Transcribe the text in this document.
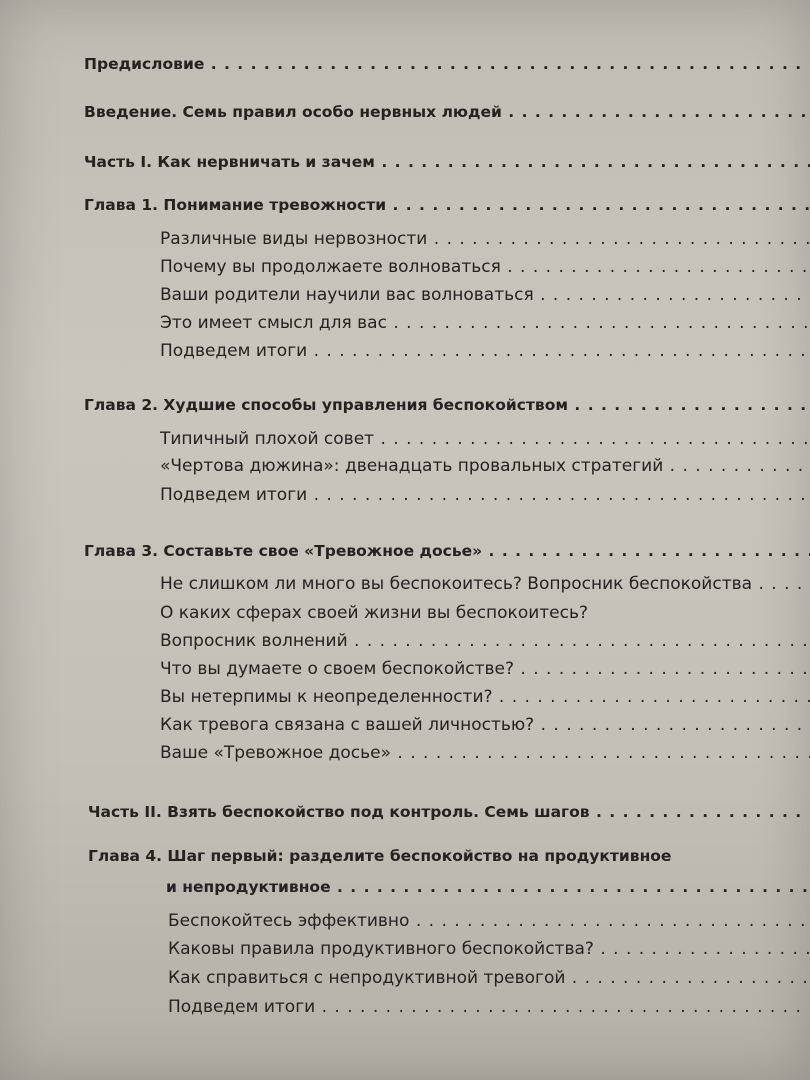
Предисловие . . .
Введение. Семь правил особо нервных людей . . .
Часть I. Как нервничать и зачем . . .
Глава 1. Понимание тревожности . . .
Различные виды нервозности . . .
Почему вы продолжаете волноваться . . .
Ваши родители научили вас волноваться . . .
Это имеет смысл для вас . . .
Подведем итоги . . .
Глава 2. Худшие способы управления беспокойством . . .
Типичный плохой совет . . .
«Чертова дюжина»: двенадцать провальных стратегий . . .
Подведем итоги . . .
Глава 3. Составьте свое «Тревожное досье» . . .
Не слишком ли много вы беспокоитесь? Вопросник беспокойства . . .
О каких сферах своей жизни вы беспокоитесь?
Вопросник волнений . . .
Что вы думаете о своем беспокойстве? . . .
Вы нетерпимы к неопределенности? . . .
Как тревога связана с вашей личностью? . . .
Ваше «Тревожное досье» . . .
Часть II. Взять беспокойство под контроль. Семь шагов . . .
Глава 4. Шаг первый: разделите беспокойство на продуктивное
и непродуктивное . . .
Беспокойтесь эффективно . . .
Каковы правила продуктивного беспокойства? . . .
Как справиться с непродуктивной тревогой . . .
Подведем итоги . . .
